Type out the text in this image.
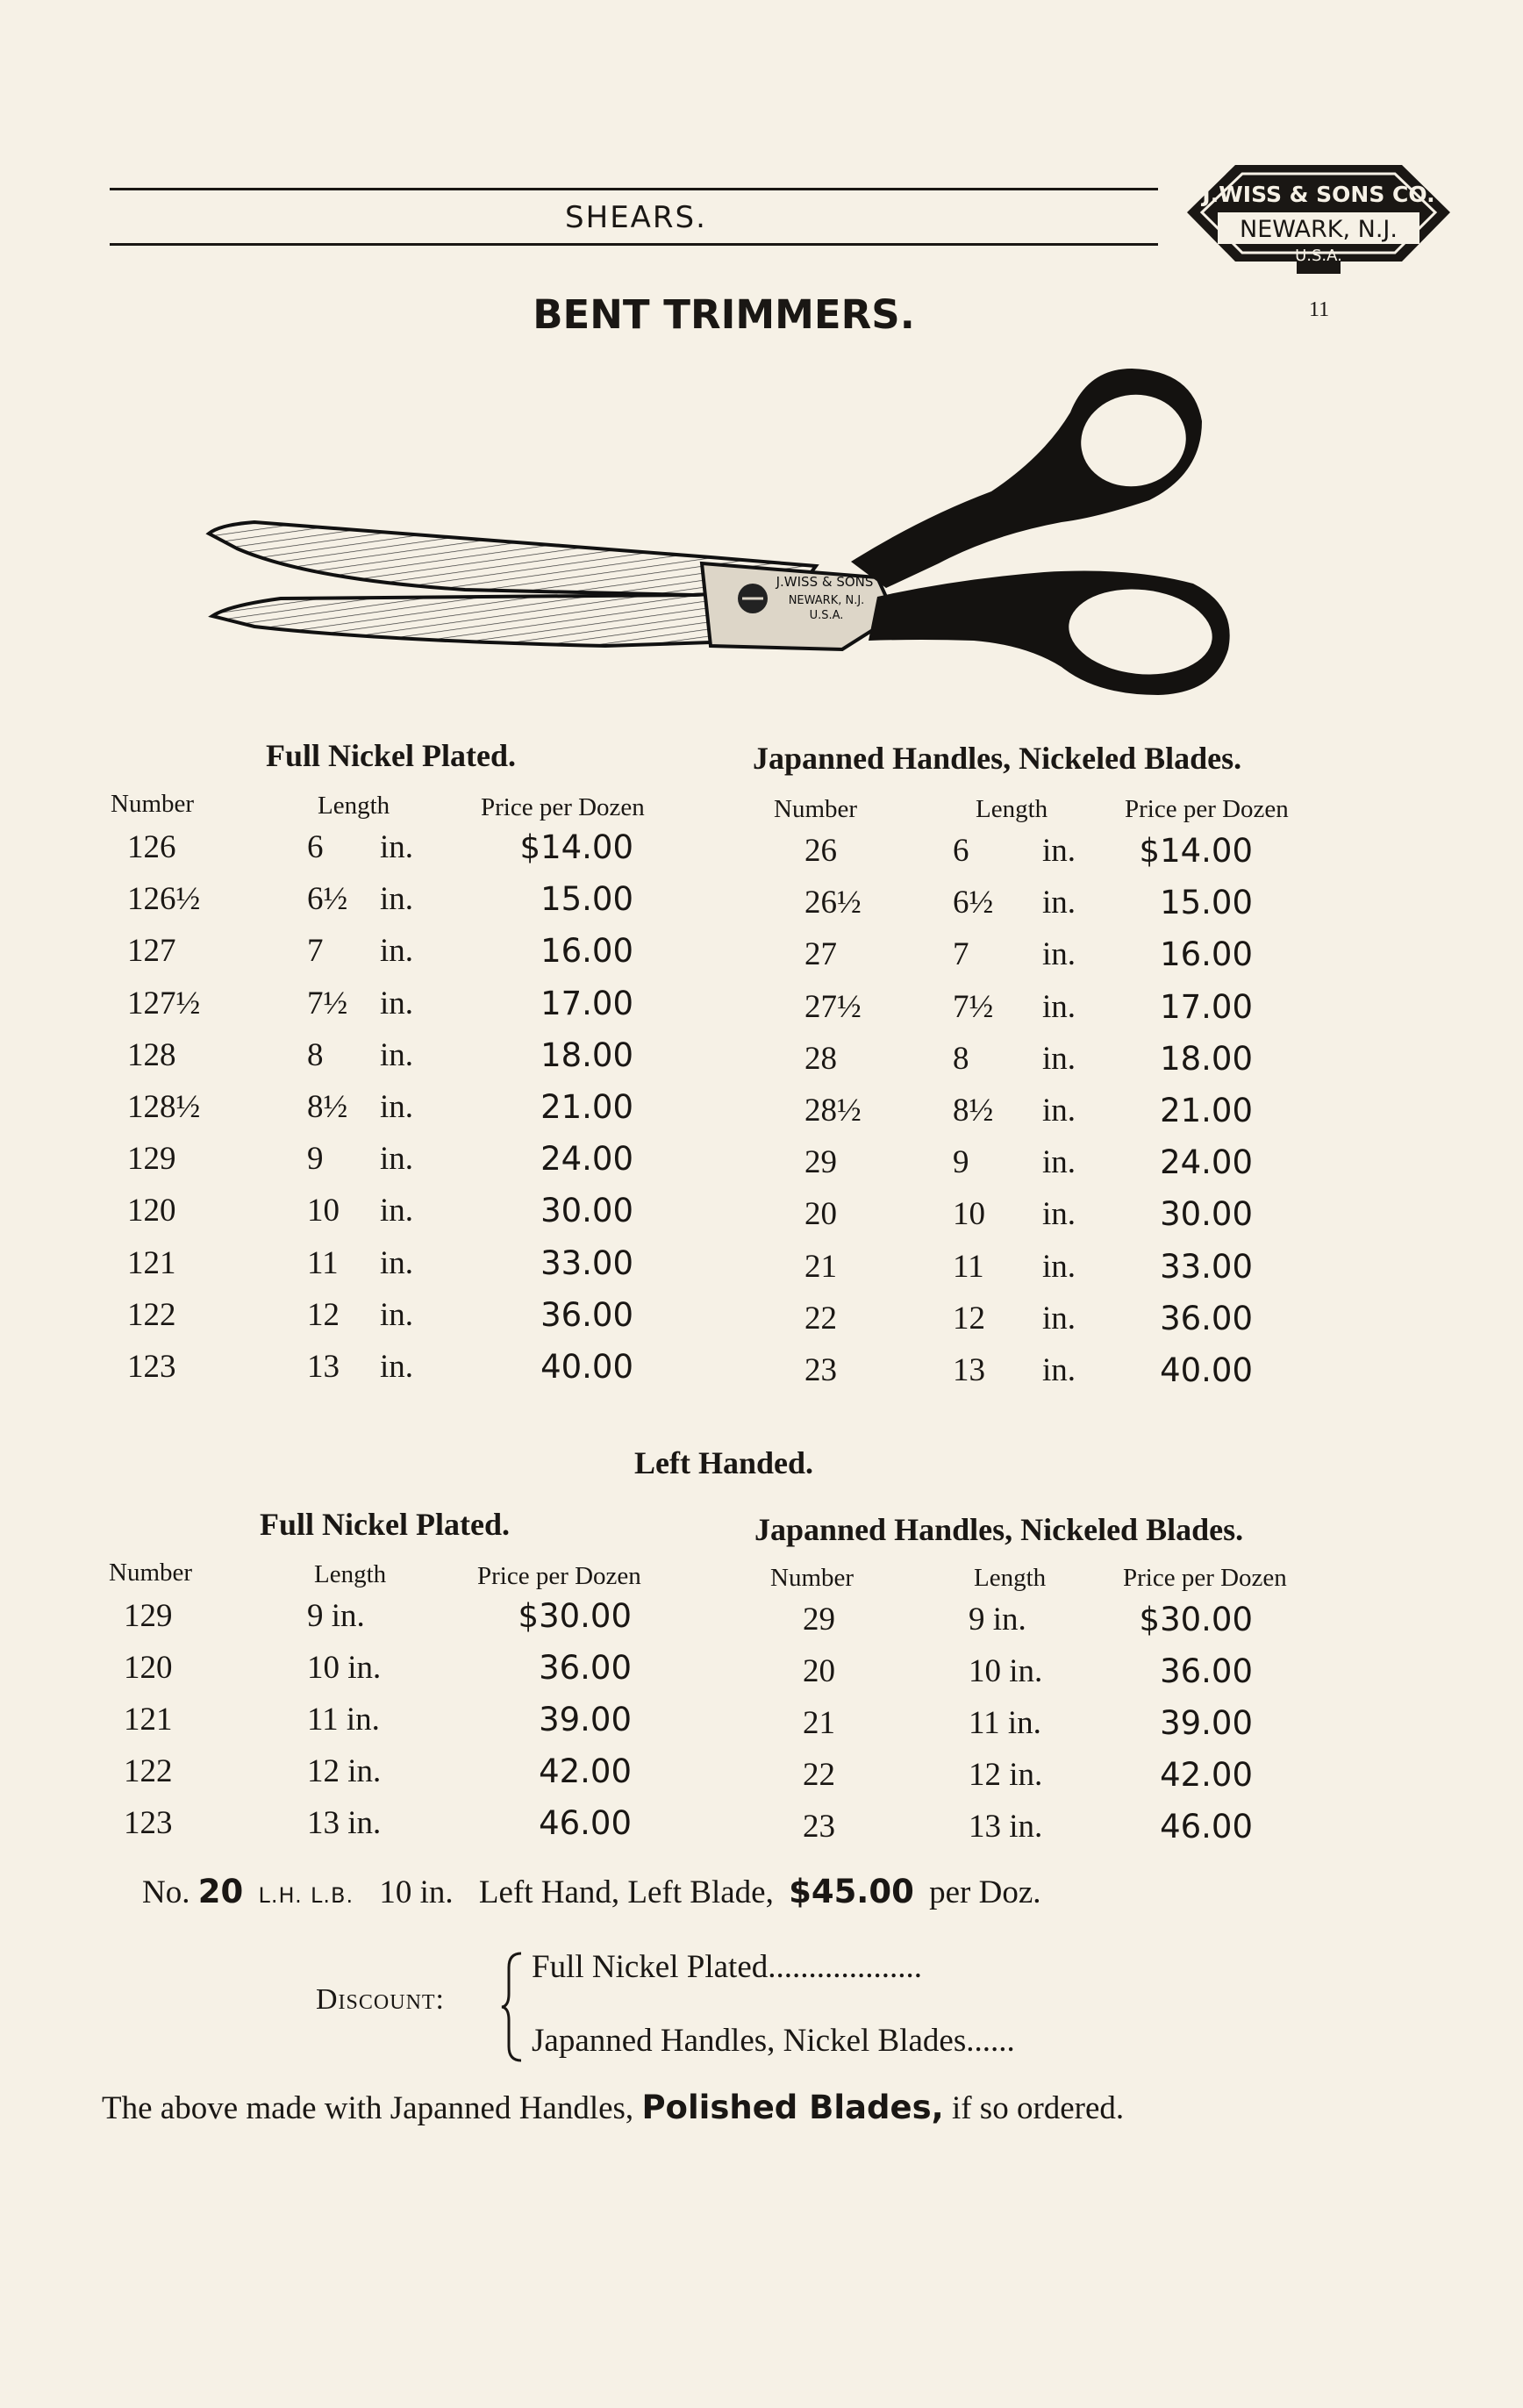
SHEARS.
J.WISS & SONS CO.
NEWARK, N.J.
U.S.A.
BENT TRIMMERS.	11
J.WISS & SONS
NEWARK, N.J.
U.S.A.
Full Nickel Plated.	Japanned Handles, Nickeled Blades.
Number	Length	Price per Dozen	Number	Length	Price per Dozen
126	6 in.	$14.00
126½	6½ in.	15.00
127	7 in.	16.00
127½	7½ in.	17.00
128	8 in.	18.00
128½	8½ in.	21.00
129	9 in.	24.00
120	10 in.	30.00
121	11 in.	33.00
122	12 in.	36.00
123	13 in.	40.00
26	6 in.	$14.00
26½	6½ in.	15.00
27	7 in.	16.00
27½	7½ in.	17.00
28	8 in.	18.00
28½	8½ in.	21.00
29	9 in.	24.00
20	10 in.	30.00
21	11 in.	33.00
22	12 in.	36.00
23	13 in.	40.00
Left Handed.
Full Nickel Plated.	Japanned Handles, Nickeled Blades.
Number	Length	Price per Dozen	Number	Length	Price per Dozen
129	9 in.	$30.00
120	10 in.	36.00
121	11 in.	39.00
122	12 in.	42.00
123	13 in.	46.00
29	9 in.	$30.00
20	10 in.	36.00
21	11 in.	39.00
22	12 in.	42.00
23	13 in.	46.00
No. 20 L.H. L.B. 10 in. Left Hand, Left Blade, $45.00 per Doz.
Discount:
Full Nickel Plated...................
Japanned Handles, Nickel Blades......
The above made with Japanned Handles, Polished Blades, if so ordered.
